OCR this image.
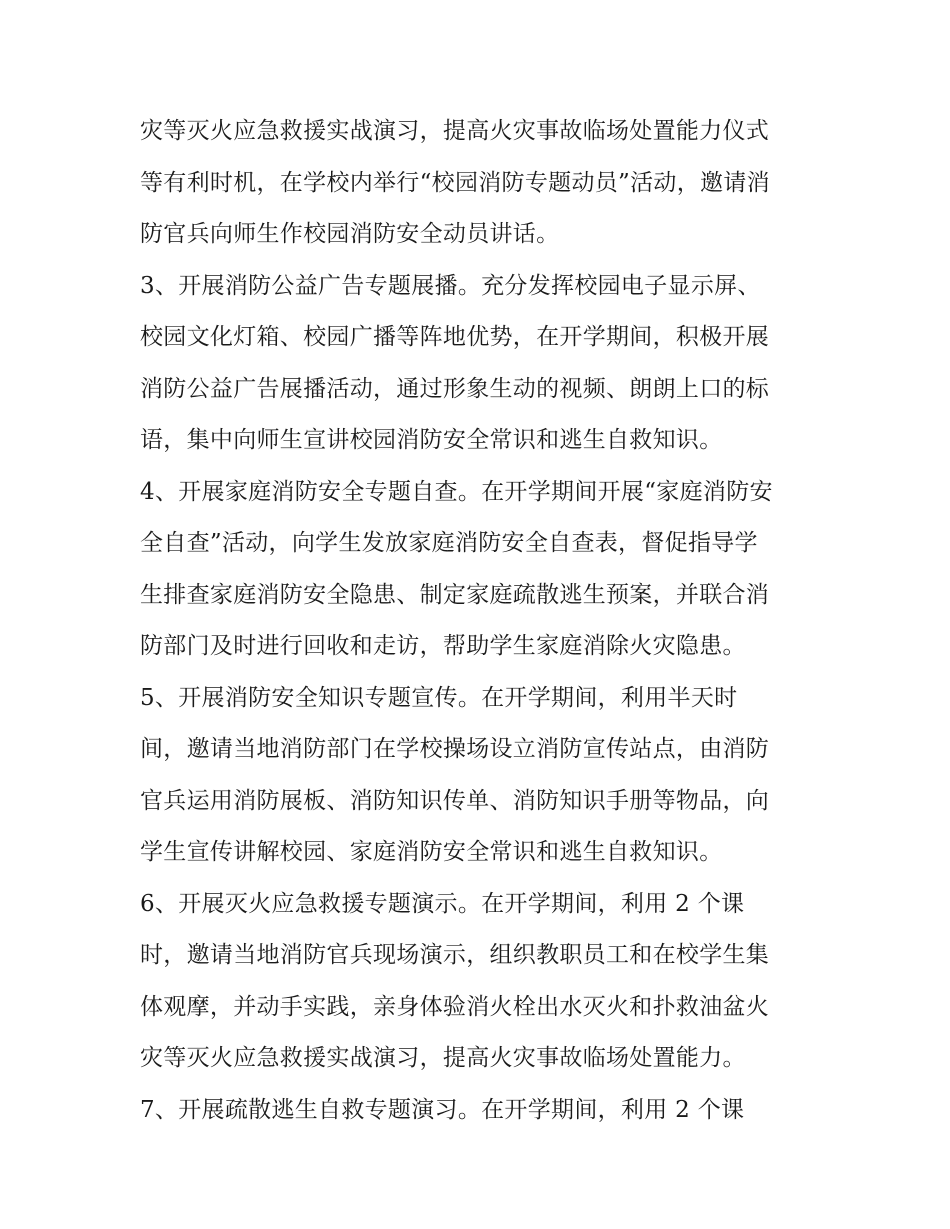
灾等灭火应急救援实战演习，提高火灾事故临场处置能力仪式
等有利时机，在学校内举行“校园消防专题动员”活动，邀请消
防官兵向师生作校园消防安全动员讲话。
3、开展消防公益广告专题展播。充分发挥校园电子显示屏、
校园文化灯箱、校园广播等阵地优势，在开学期间，积极开展
消防公益广告展播活动，通过形象生动的视频、朗朗上口的标
语，集中向师生宣讲校园消防安全常识和逃生自救知识。
4、开展家庭消防安全专题自查。在开学期间开展“家庭消防安
全自查”活动，向学生发放家庭消防安全自查表，督促指导学
生排查家庭消防安全隐患、制定家庭疏散逃生预案，并联合消
防部门及时进行回收和走访，帮助学生家庭消除火灾隐患。
5、开展消防安全知识专题宣传。在开学期间，利用半天时
间，邀请当地消防部门在学校操场设立消防宣传站点，由消防
官兵运用消防展板、消防知识传单、消防知识手册等物品，向
学生宣传讲解校园、家庭消防安全常识和逃生自救知识。
6、开展灭火应急救援专题演示。在开学期间，利用 2 个课
时，邀请当地消防官兵现场演示，组织教职员工和在校学生集
体观摩，并动手实践，亲身体验消火栓出水灭火和扑救油盆火
灾等灭火应急救援实战演习，提高火灾事故临场处置能力。
7、开展疏散逃生自救专题演习。在开学期间，利用 2 个课
